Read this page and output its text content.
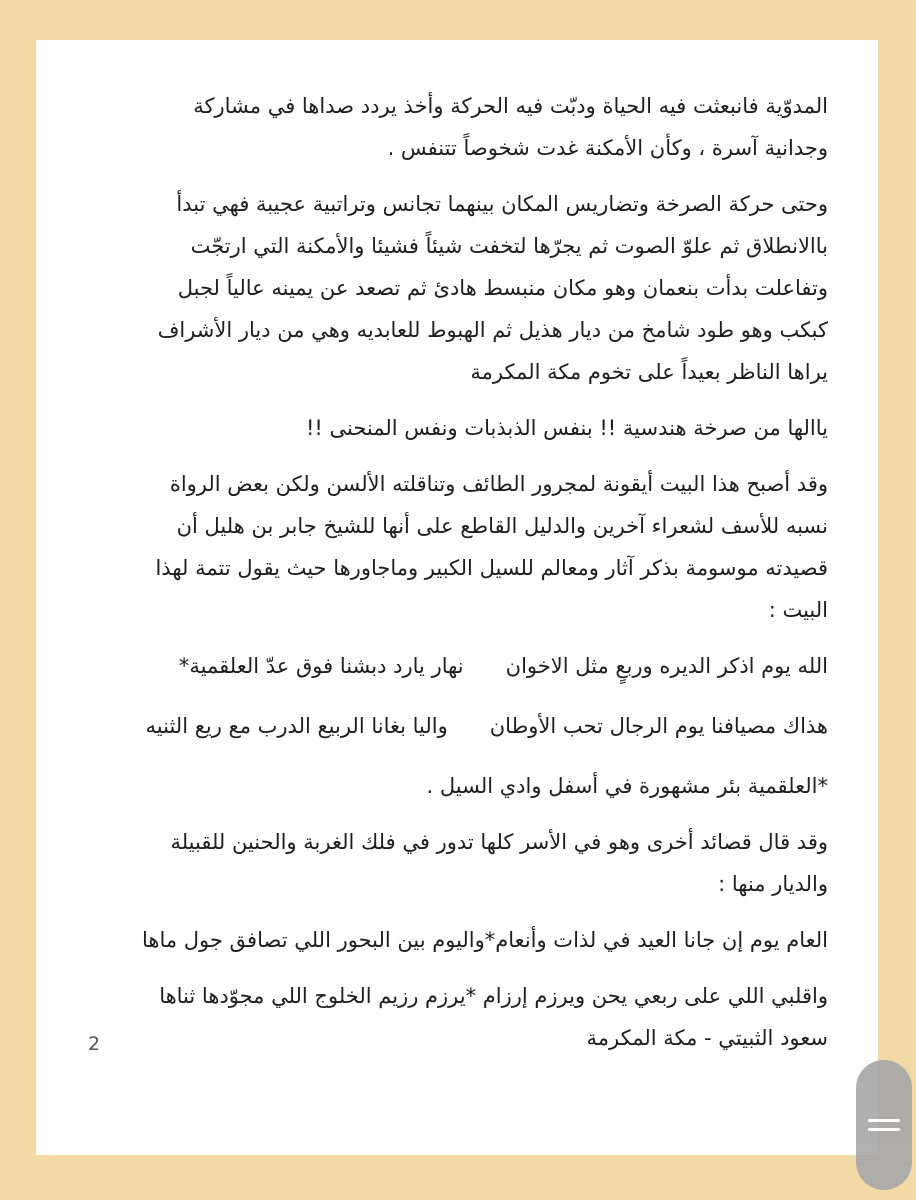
المدوّية فانبعثت فيه الحياة ودبّت فيه الحركة وأخذ يردد صداها في مشاركة
وجدانية آسرة ، وكأن الأمكنة غدت شخوصاً تتنفس .

وحتى حركة الصرخة وتضاريس المكان بينهما تجانس وتراتبية عجيبة فهي تبدأ
باالانطلاق ثم علوّ الصوت ثم يجرّها لتخفت شيئاً فشيئا والأمكنة التي ارتجّت
وتفاعلت بدأت بنعمان وهو مكان منبسط هادئ ثم تصعد عن يمينه عالياً لجبل
كبكب وهو طود شامخ من ديار هذيل ثم الهبوط للعابديه وهي من ديار الأشراف
يراها الناظر بعيداً على تخوم مكة المكرمة

ياالها من صرخة هندسية !! بنفس الذبذبات ونفس المنحنى !!

وقد أصبح هذا البيت أيقونة لمجرور الطائف وتناقلته الألسن ولكن بعض الرواة
نسبه للأسف لشعراء آخرين والدليل القاطع على أنها للشيخ جابر بن هليل أن
قصيدته موسومة بذكر آثار ومعالم للسيل الكبير وماجاورها حيث يقول تتمة لهذا
البيت :

الله يوم اذكر الديره وربعٍ مثل الاخوان
نهار يارد دبشنا فوق عدّ العلقمية*
هذاك مصيافنا يوم الرجال تحب الأوطان
واليا بغانا الربيع الدرب مع ريع الثنيه

*العلقمية بئر مشهورة في أسفل وادي السيل .

وقد قال قصائد أخرى وهو في الأسر كلها تدور في فلك الغربة والحنين للقبيلة
والديار منها :

العام يوم إن جانا العيد في لذات وأنعام*واليوم بين البحور اللي تصافق جول ماها

واقلبي اللي على ربعي يحن ويرزم إرزام *يرزم رزيم الخلوج اللي مجوّدها ثناها
سعود الثبيتي - مكة المكرمة

2
